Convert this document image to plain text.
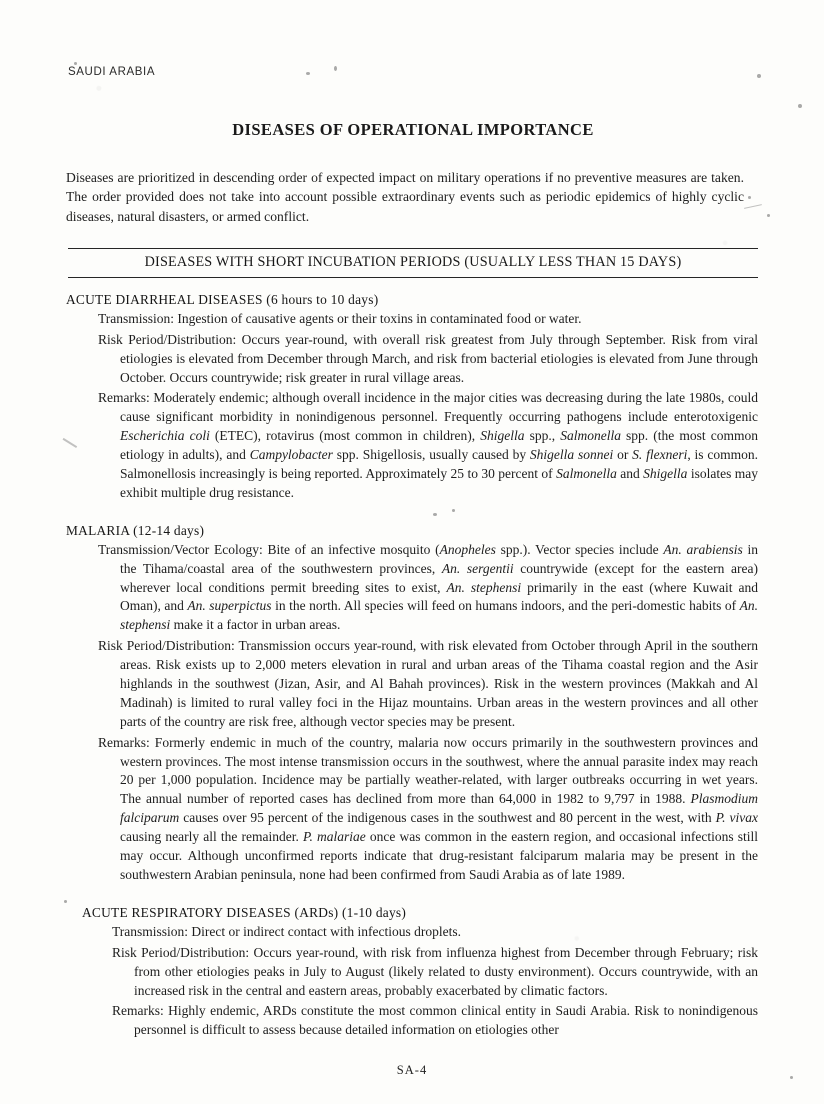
SAUDI ARABIA
DISEASES OF OPERATIONAL IMPORTANCE

Diseases are prioritized in descending order of expected impact on military operations if no preventive measures are taken. The order provided does not take into account possible extraordinary events such as periodic epidemics of highly cyclic diseases, natural disasters, or armed conflict.

DISEASES WITH SHORT INCUBATION PERIODS (USUALLY LESS THAN 15 DAYS)
ACUTE DIARRHEAL DISEASES (6 hours to 10 days)

Transmission: Ingestion of causative agents or their toxins in contaminated food or water.

Risk Period/Distribution: Occurs year-round, with overall risk greatest from July through September. Risk from viral etiologies is elevated from December through March, and risk from bacterial etiologies is elevated from June through October. Occurs countrywide; risk greater in rural village areas.

Remarks: Moderately endemic; although overall incidence in the major cities was decreasing during the late 1980s, could cause significant morbidity in nonindigenous personnel. Frequently occurring pathogens include enterotoxigenic Escherichia coli (ETEC), rotavirus (most common in children), Shigella spp., Salmonella spp. (the most common etiology in adults), and Campylobacter spp. Shigellosis, usually caused by Shigella sonnei or S. flexneri, is common. Salmonellosis increasingly is being reported. Approximately 25 to 30 percent of Salmonella and Shigella isolates may exhibit multiple drug resistance.

MALARIA (12-14 days)

Transmission/Vector Ecology: Bite of an infective mosquito (Anopheles spp.). Vector species include An. arabiensis in the Tihama/coastal area of the southwestern provinces, An. sergentii countrywide (except for the eastern area) wherever local conditions permit breeding sites to exist, An. stephensi primarily in the east (where Kuwait and Oman), and An. superpictus in the north. All species will feed on humans indoors, and the peri-domestic habits of An. stephensi make it a factor in urban areas.

Risk Period/Distribution: Transmission occurs year-round, with risk elevated from October through April in the southern areas. Risk exists up to 2,000 meters elevation in rural and urban areas of the Tihama coastal region and the Asir highlands in the southwest (Jizan, Asir, and Al Bahah provinces). Risk in the western provinces (Makkah and Al Madinah) is limited to rural valley foci in the Hijaz mountains. Urban areas in the western provinces and all other parts of the country are risk free, although vector species may be present.

Remarks: Formerly endemic in much of the country, malaria now occurs primarily in the southwestern provinces and western provinces. The most intense transmission occurs in the southwest, where the annual parasite index may reach 20 per 1,000 population. Incidence may be partially weather-related, with larger outbreaks occurring in wet years. The annual number of reported cases has declined from more than 64,000 in 1982 to 9,797 in 1988. Plasmodium falciparum causes over 95 percent of the indigenous cases in the southwest and 80 percent in the west, with P. vivax causing nearly all the remainder. P. malariae once was common in the eastern region, and occasional infections still may occur. Although unconfirmed reports indicate that drug-resistant falciparum malaria may be present in the southwestern Arabian peninsula, none had been confirmed from Saudi Arabia as of late 1989.

ACUTE RESPIRATORY DISEASES (ARDs) (1-10 days)

Transmission: Direct or indirect contact with infectious droplets.

Risk Period/Distribution: Occurs year-round, with risk from influenza highest from December through February; risk from other etiologies peaks in July to August (likely related to dusty environment). Occurs countrywide, with an increased risk in the central and eastern areas, probably exacerbated by climatic factors.

Remarks: Highly endemic, ARDs constitute the most common clinical entity in Saudi Arabia. Risk to nonindigenous personnel is difficult to assess because detailed information on etiologies other

SA-4
